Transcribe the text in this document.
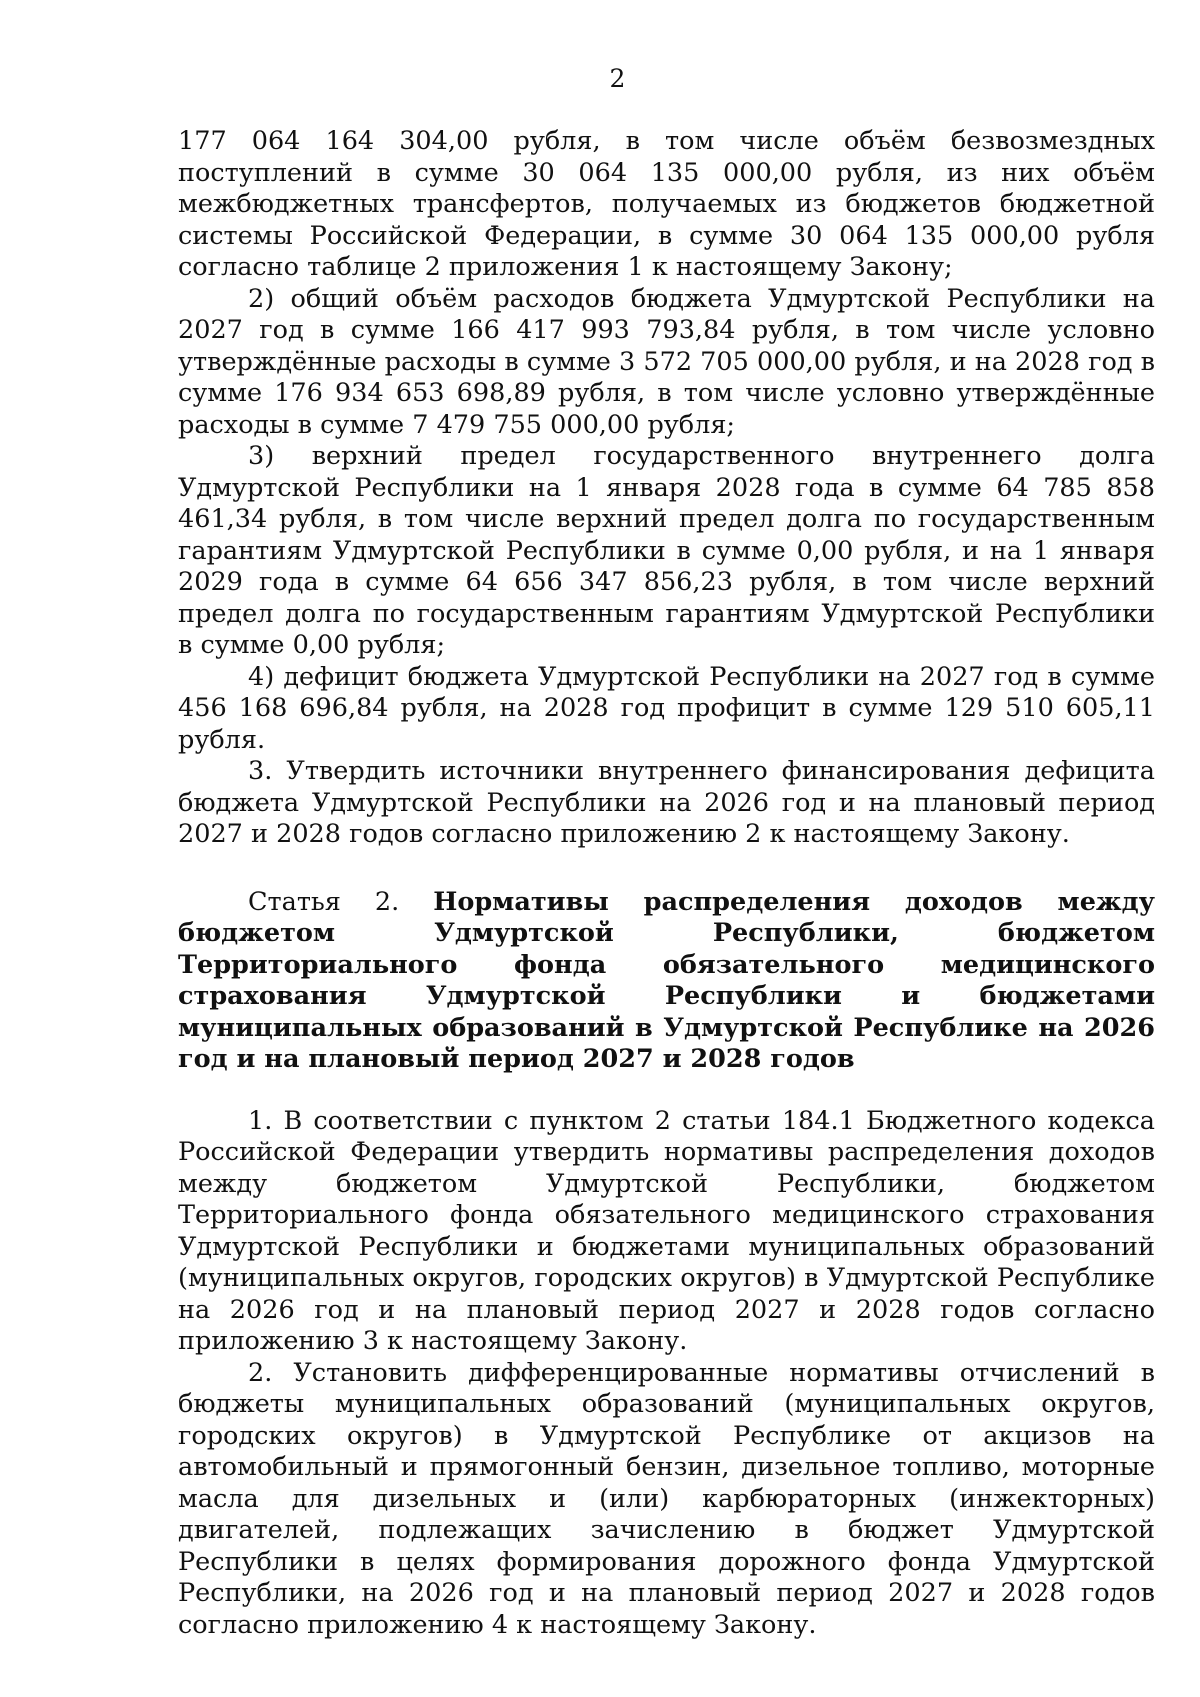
2

177 064 164 304,00 рубля, в том числе объём безвозмездных поступлений в сумме 30 064 135 000,00 рубля, из них объём межбюджетных трансфертов, получаемых из бюджетов бюджетной системы Российской Федерации, в сумме 30 064 135 000,00 рубля согласно таблице 2 приложения 1 к настоящему Закону;

2) общий объём расходов бюджета Удмуртской Республики на 2027 год в сумме 166 417 993 793,84 рубля, в том числе условно утверждённые расходы в сумме 3 572 705 000,00 рубля, и на 2028 год в сумме 176 934 653 698,89 рубля, в том числе условно утверждённые расходы в сумме 7 479 755 000,00 рубля;

3) верхний предел государственного внутреннего долга Удмуртской Республики на 1 января 2028 года в сумме 64 785 858 461,34 рубля, в том числе верхний предел долга по государственным гарантиям Удмуртской Республики в сумме 0,00 рубля, и на 1 января 2029 года в сумме 64 656 347 856,23 рубля, в том числе верхний предел долга по государственным гарантиям Удмуртской Республики в сумме 0,00 рубля;

4) дефицит бюджета Удмуртской Республики на 2027 год в сумме 456 168 696,84 рубля, на 2028 год профицит в сумме 129 510 605,11 рубля.

3. Утвердить источники внутреннего финансирования дефицита бюджета Удмуртской Республики на 2026 год и на плановый период 2027 и 2028 годов согласно приложению 2 к настоящему Закону.

Статья 2. Нормативы распределения доходов между бюджетом Удмуртской Республики, бюджетом Территориального фонда обязательного медицинского страхования Удмуртской Республики и бюджетами муниципальных образований в Удмуртской Республике на 2026 год и на плановый период 2027 и 2028 годов

1. В соответствии с пунктом 2 статьи 184.1 Бюджетного кодекса Российской Федерации утвердить нормативы распределения доходов между бюджетом Удмуртской Республики, бюджетом Территориального фонда обязательного медицинского страхования Удмуртской Республики и бюджетами муниципальных образований (муниципальных округов, городских округов) в Удмуртской Республике на 2026 год и на плановый период 2027 и 2028 годов согласно приложению 3 к настоящему Закону.

2. Установить дифференцированные нормативы отчислений в бюджеты муниципальных образований (муниципальных округов, городских округов) в Удмуртской Республике от акцизов на автомобильный и прямогонный бензин, дизельное топливо, моторные масла для дизельных и (или) карбюраторных (инжекторных) двигателей, подлежащих зачислению в бюджет Удмуртской Республики в целях формирования дорожного фонда Удмуртской Республики, на 2026 год и на плановый период 2027 и 2028 годов согласно приложению 4 к настоящему Закону.
